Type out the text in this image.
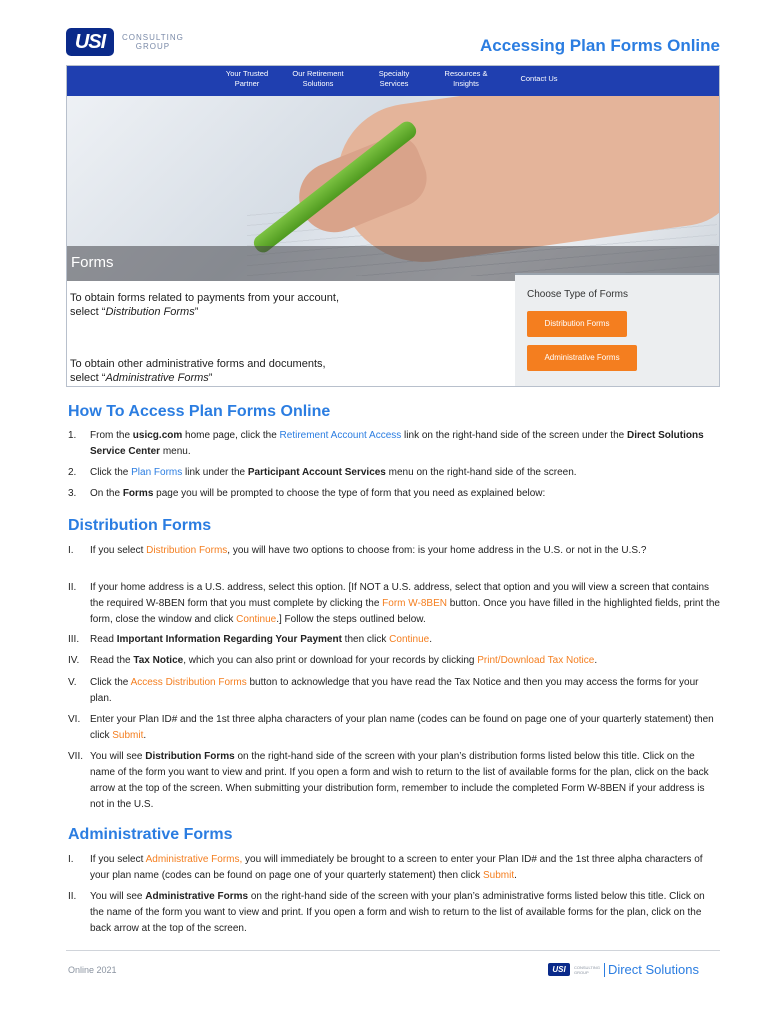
USI	CONSULTING
GROUP	Accessing Plan Forms Online
Forms
Your Trusted
Partner
Our Retirement
Solutions
Specialty
Services
Resources &
Insights
Contact Us
To obtain forms related to payments from your account,
select “Distribution Forms”
To obtain other administrative forms and documents,
select “Administrative Forms”
Choose Type of Forms
Distribution Forms
Administrative Forms
How To Access Plan Forms Online
1.	From the usicg.com home page, click the Retirement Account Access link on the right-hand side of the screen under the Direct Solutions Service Center menu.
2.	Click the Plan Forms link under the Participant Account Services menu on the right-hand side of the screen.
3.	On the Forms page you will be prompted to choose the type of form that you need as explained below:
Distribution Forms
I.	If you select Distribution Forms, you will have two options to choose from: is your home address in the U.S. or not in the U.S.?
II.	If your home address is a U.S. address, select this option. [If NOT a U.S. address, select that option and you will view a screen that contains the required W-8BEN form that you must complete by clicking the Form W-8BEN button. Once you have filled in the highlighted fields, print the form, close the window and click Continue.] Follow the steps outlined below.
III.	Read Important Information Regarding Your Payment then click Continue.
IV.	Read the Tax Notice, which you can also print or download for your records by clicking Print/Download Tax Notice.
V.	Click the Access Distribution Forms button to acknowledge that you have read the Tax Notice and then you may access the forms for your plan.
VI. Enter your Plan ID# and the 1st three alpha characters of your plan name (codes can be found on page one of your quarterly statement) then click Submit.
VII. You will see Distribution Forms on the right-hand side of the screen with your plan’s distribution forms listed below this title. Click on the name of the form you want to view and print. If you open a form and wish to return to the list of available forms for the plan, click on the back arrow at the top of the screen. When submitting your distribution form, remember to include the completed Form W-8BEN if your address is not in the U.S.
Administrative Forms
I.	If you select Administrative Forms, you will immediately be brought to a screen to enter your Plan ID# and the 1st three alpha characters of your plan name (codes can be found on page one of your quarterly statement) then click Submit.
II.	You will see Administrative Forms on the right-hand side of the screen with your plan’s administrative forms listed below this title. Click on the name of the form you want to view and print. If you open a form and wish to return to the list of available forms for the plan, click on the back arrow at the top of the screen.
Online 2021	USI	CONSULTING
GROUP	Direct Solutions
